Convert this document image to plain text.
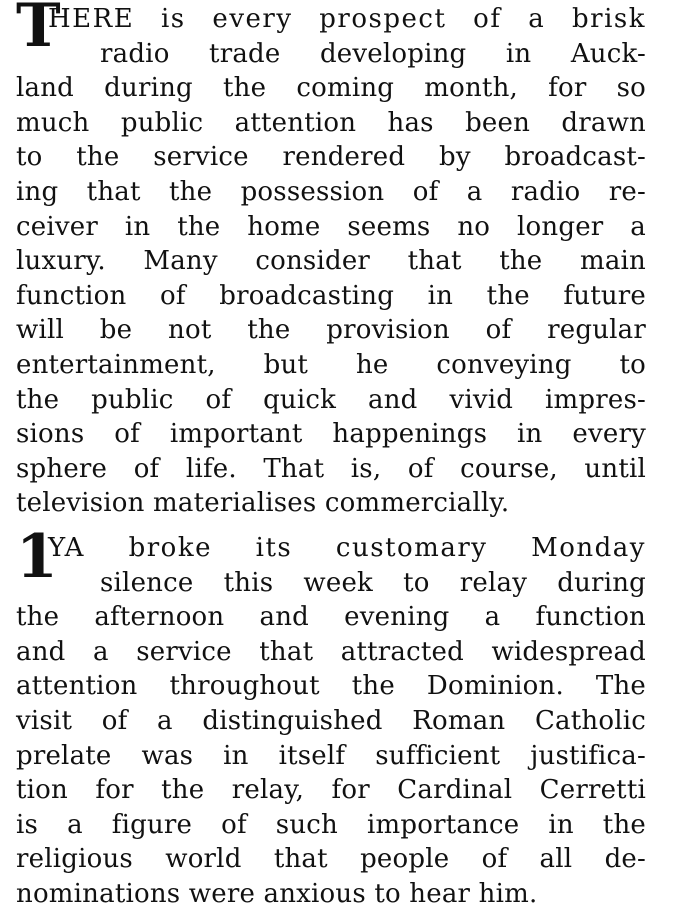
T
HERE is every prospect of a brisk
radio trade developing in Auck-
land during the coming month, for so
much public attention has been drawn
to the service rendered by broadcast-
ing that the possession of a radio re-
ceiver in the home seems no longer a
luxury. Many consider that the main
function of broadcasting in the future
will be not the provision of regular
entertainment, but he conveying to
the public of quick and vivid impres-
sions of important happenings in every
sphere of life. That is, of course, until
television materialises commercially.
1
YA broke its customary Monday
silence this week to relay during
the afternoon and evening a function
and a service that attracted widespread
attention throughout the Dominion. The
visit of a distinguished Roman Catholic
prelate was in itself sufficient justifica-
tion for the relay, for Cardinal Cerretti
is a figure of such importance in the
religious world that people of all de-
nominations were anxious to hear him.
